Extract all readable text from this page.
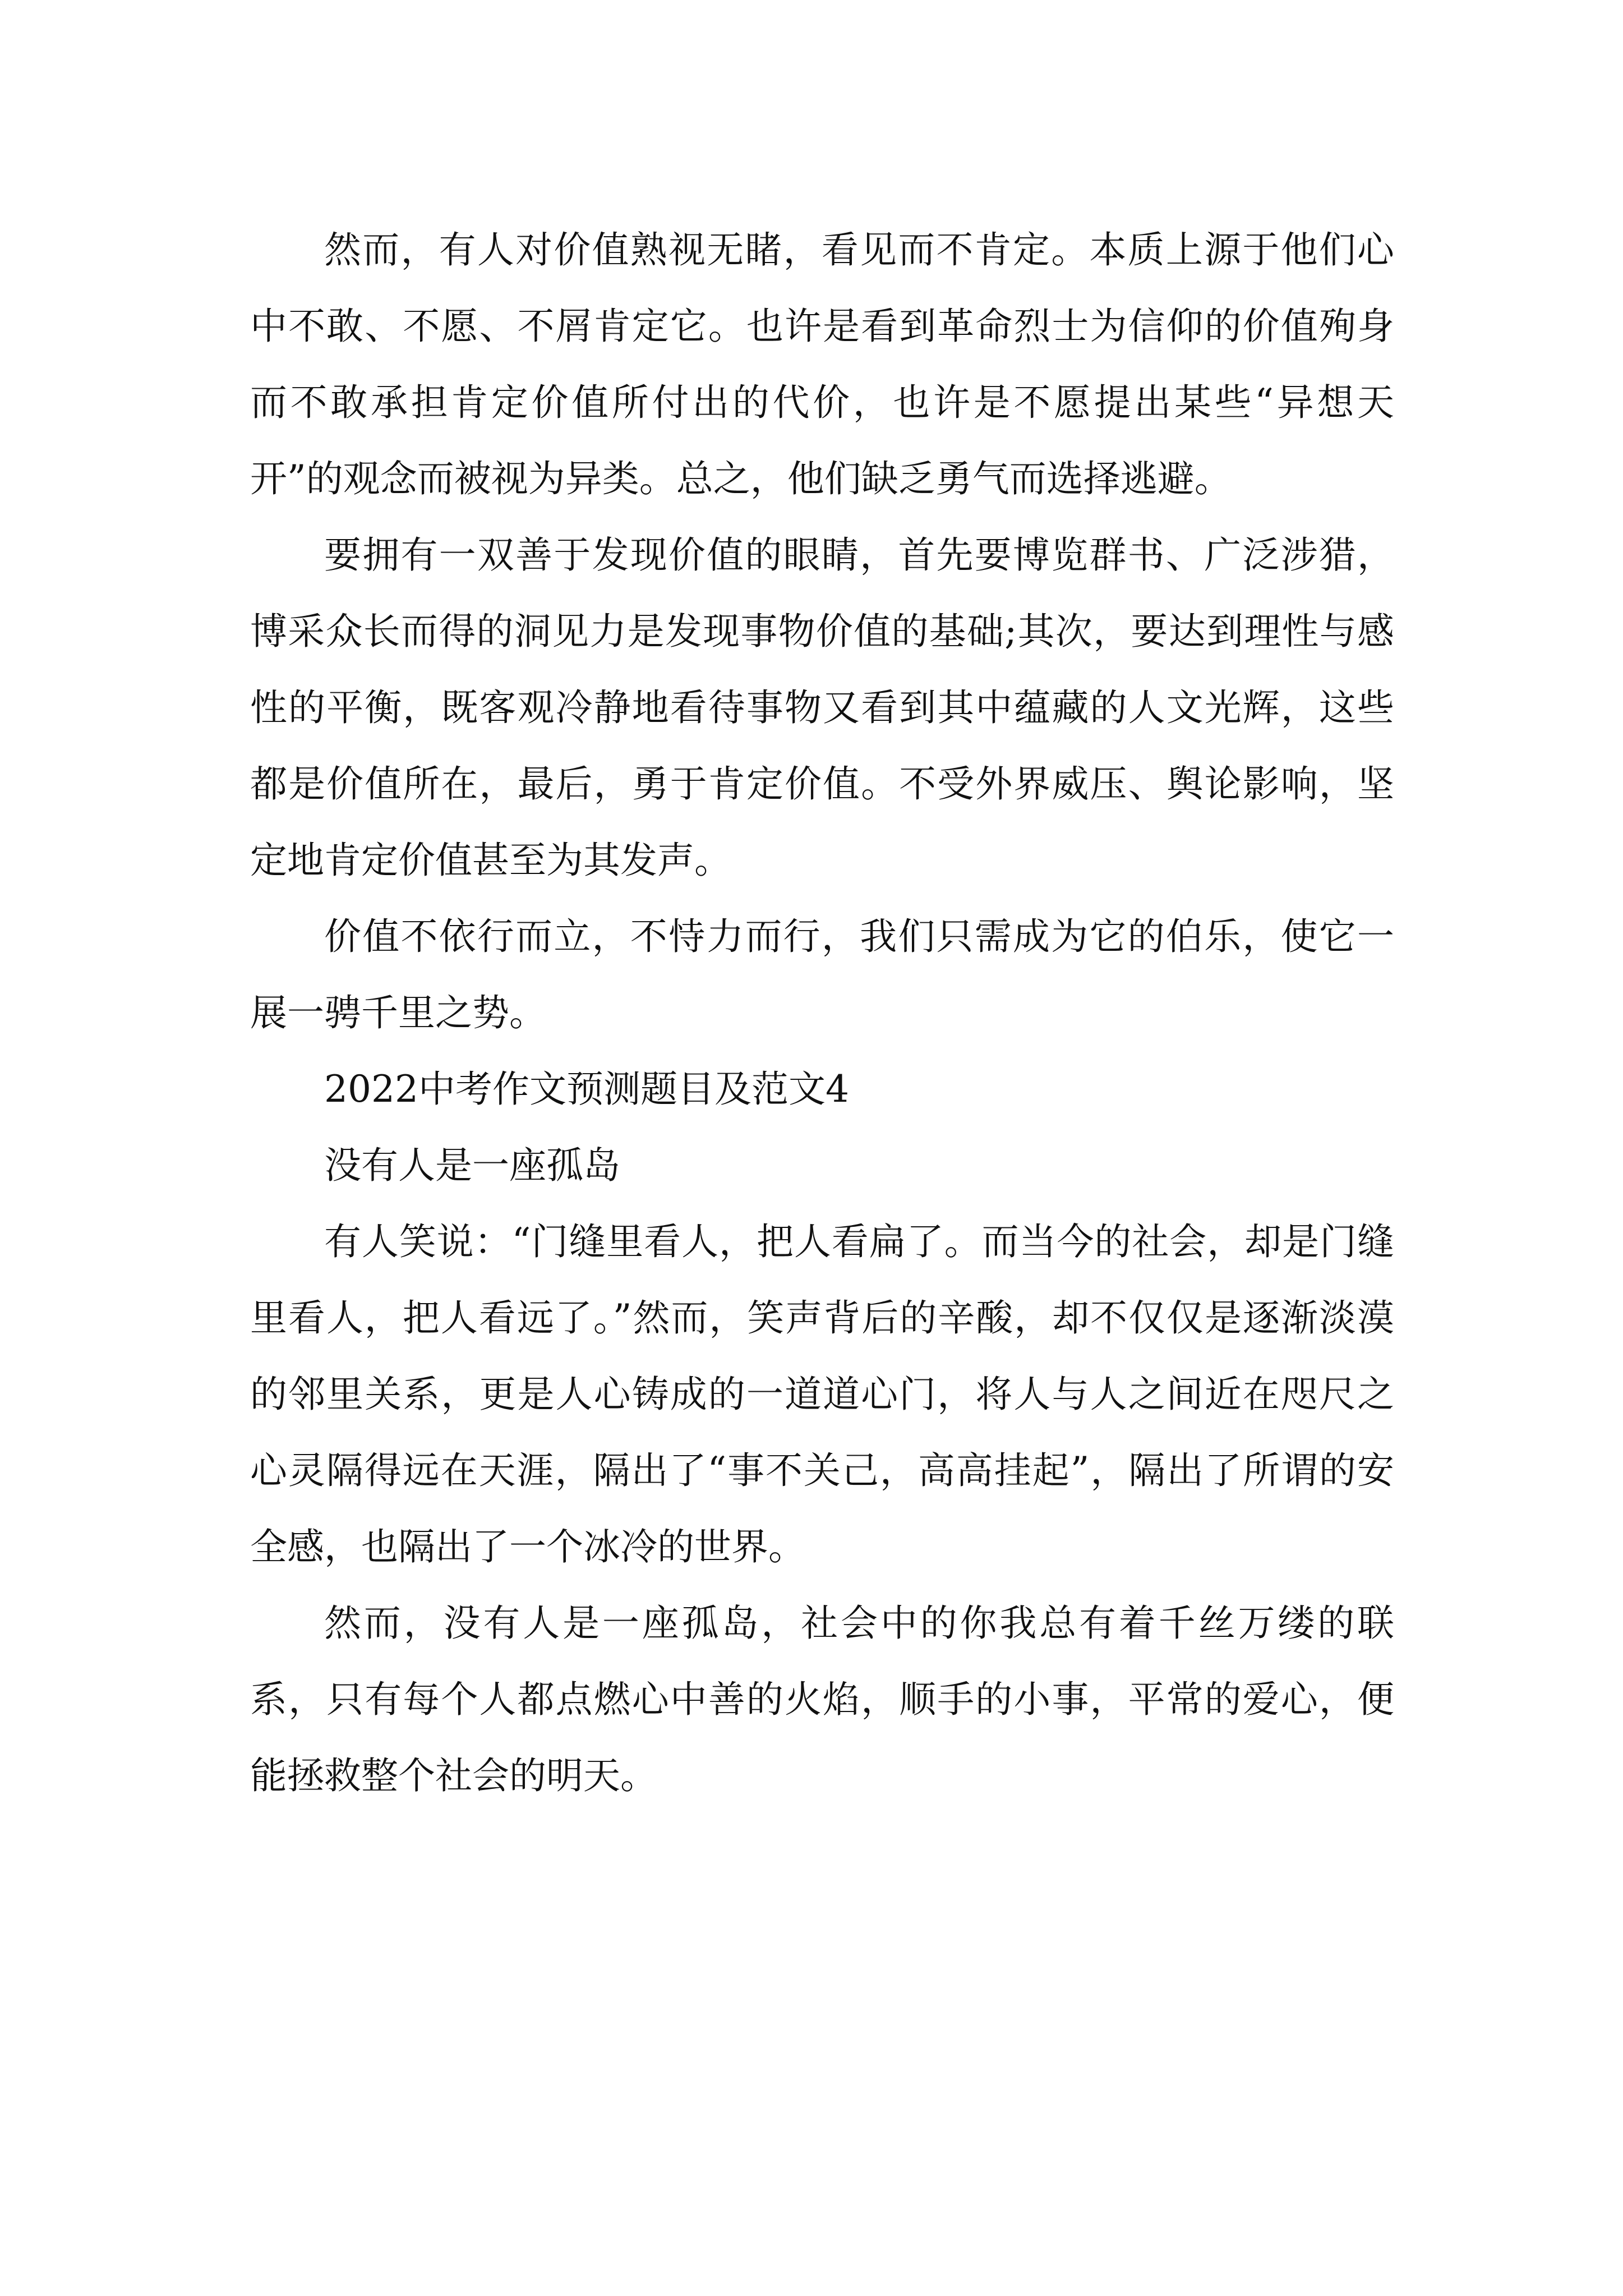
然而，有人对价值熟视无睹，看见而不肯定。本质上源于他们心中不敢、不愿、不屑肯定它。也许是看到革命烈士为信仰的价值殉身而不敢承担肯定价值所付出的代价，也许是不愿提出某些“异想天开”的观念而被视为异类。总之，他们缺乏勇气而选择逃避。

要拥有一双善于发现价值的眼睛，首先要博览群书、广泛涉猎，博采众长而得的洞见力是发现事物价值的基础;其次，要达到理性与感性的平衡，既客观冷静地看待事物又看到其中蕴藏的人文光辉，这些都是价值所在，最后，勇于肯定价值。不受外界威压、舆论影响，坚定地肯定价值甚至为其发声。

价值不依行而立，不恃力而行，我们只需成为它的伯乐，使它一展一骋千里之势。

2022中考作文预测题目及范文4

没有人是一座孤岛

有人笑说：“门缝里看人，把人看扁了。而当今的社会，却是门缝里看人，把人看远了。”然而，笑声背后的辛酸，却不仅仅是逐渐淡漠的邻里关系，更是人心铸成的一道道心门，将人与人之间近在咫尺之心灵隔得远在天涯，隔出了“事不关己，高高挂起”，隔出了所谓的安全感，也隔出了一个冰冷的世界。

然而，没有人是一座孤岛，社会中的你我总有着千丝万缕的联系，只有每个人都点燃心中善的火焰，顺手的小事，平常的爱心，便能拯救整个社会的明天。
